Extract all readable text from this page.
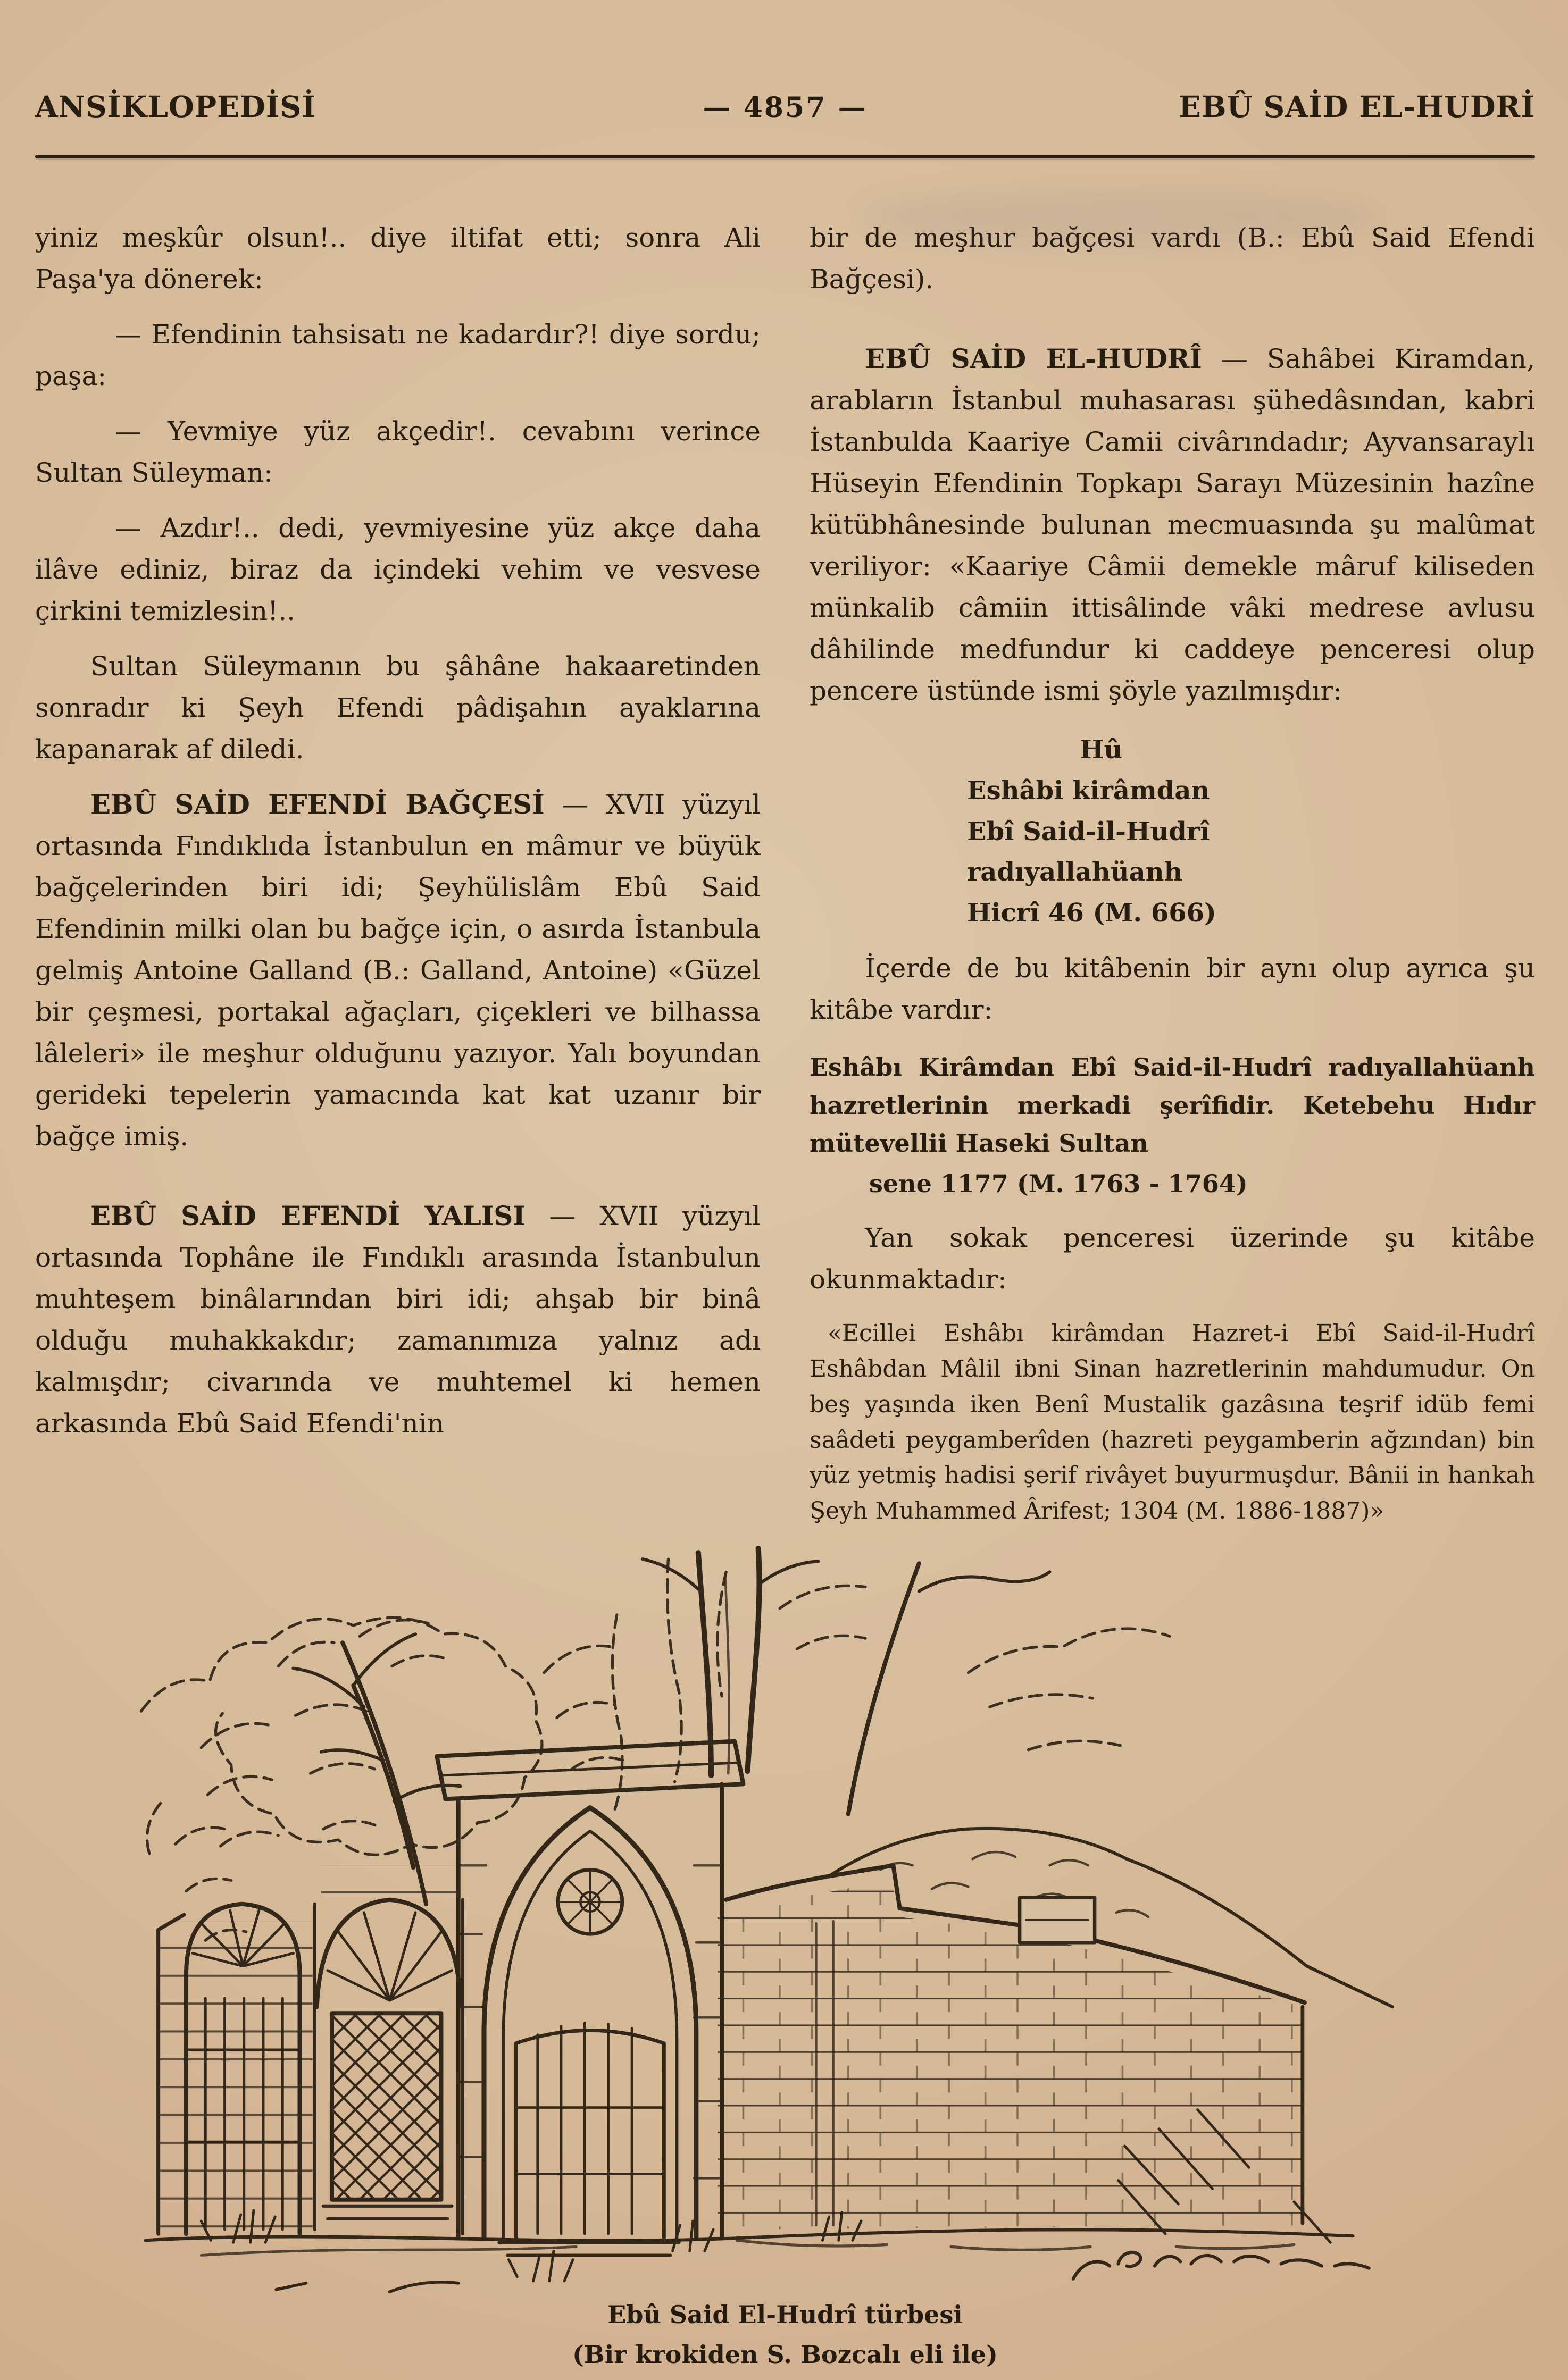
ANSİKLOPEDİSİ	— 4857 —	EBÛ SAİD EL-HUDRİ

yiniz meşkûr olsun!.. diye iltifat etti; sonra Ali Paşa'ya dönerek:

— Efendinin tahsisatı ne kadardır?! diye sordu; paşa:

— Yevmiye yüz akçedir!. cevabını verince Sultan Süleyman:

— Azdır!.. dedi, yevmiyesine yüz akçe daha ilâve ediniz, biraz da içindeki vehim ve vesvese çirkini temizlesin!..

Sultan Süleymanın bu şâhâne hakaaretinden sonradır ki Şeyh Efendi pâdişahın ayaklarına kapanarak af diledi.

EBÛ SAİD EFENDİ BAĞÇESİ — XVII yüzyıl ortasında Fındıklıda İstanbulun en mâmur ve büyük bağçelerinden biri idi; Şeyhülislâm Ebû Said Efendinin milki olan bu bağçe için, o asırda İstanbula gelmiş Antoine Galland (B.: Galland, Antoine) «Güzel bir çeşmesi, portakal ağaçları, çiçekleri ve bilhassa lâleleri» ile meşhur olduğunu yazıyor. Yalı boyundan gerideki tepelerin yamacında kat kat uzanır bir bağçe imiş.

EBÛ SAİD EFENDİ YALISI — XVII yüzyıl ortasında Tophâne ile Fındıklı arasında İstanbulun muhteşem binâlarından biri idi; ahşab bir binâ olduğu muhakkakdır; zamanımıza yalnız adı kalmışdır; civarında ve muhtemel ki hemen arkasında Ebû Said Efendi'nin

bir de meşhur bağçesi vardı (B.: Ebû Said Efendi Bağçesi).

EBÛ SAİD EL-HUDRÎ — Sahâbei Kiramdan, arabların İstanbul muhasarası şühedâsından, kabri İstanbulda Kaariye Camii civârındadır; Ayvansaraylı Hüseyin Efendinin Topkapı Sarayı Müzesinin hazîne kütübhânesinde bulunan mecmuasında şu malûmat veriliyor: «Kaariye Câmii demekle mâruf kiliseden münkalib câmiin ittisâlinde vâki medrese avlusu dâhilinde medfundur ki caddeye penceresi olup pencere üstünde ismi şöyle yazılmışdır:

Hû
Eshâbi kirâmdan
Ebî Said-il-Hudrî
radıyallahüanh
Hicrî 46 (M. 666)

İçerde de bu kitâbenin bir aynı olup ayrıca şu kitâbe vardır:

Eshâbı Kirâmdan Ebî Said-il-Hudrî radıyallahüanh hazretlerinin merkadi şerîfidir. Ketebehu Hıdır mütevellii Haseki Sultan
sene 1177 (M. 1763 - 1764)

Yan sokak penceresi üzerinde şu kitâbe okunmaktadır:

«Ecillei Eshâbı kirâmdan Hazret-i Ebî Said-il-Hudrî Eshâbdan Mâlil ibni Sinan hazretlerinin mahdumudur. On beş yaşında iken Benî Mustalik gazâsına teşrif idüb femi saâdeti peygamberîden (hazreti peygamberin ağzından) bin yüz yetmiş hadisi şerif rivâyet buyurmuşdur. Bânii in hankah Şeyh Muhammed Ârifest; 1304 (M. 1886-1887)»

Ebû Said El-Hudrî türbesi
(Bir krokiden S. Bozcalı eli ile)
